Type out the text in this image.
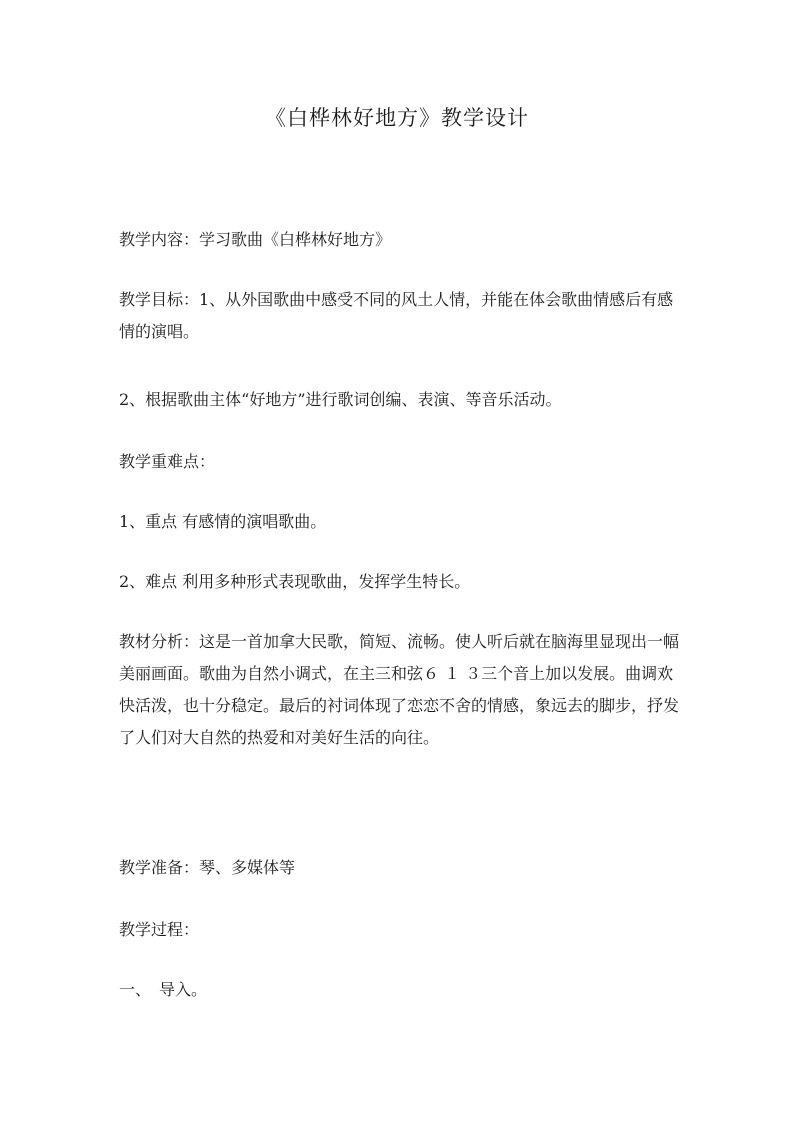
《白桦林好地方》教学设计

教学内容：学习歌曲《白桦林好地方》

教学目标：1、从外国歌曲中感受不同的风土人情，并能在体会歌曲情感后有感情的演唱。

2、根据歌曲主体“好地方”进行歌词创编、表演、等音乐活动。

教学重难点：

1、重点 有感情的演唱歌曲。

2、难点 利用多种形式表现歌曲，发挥学生特长。

教材分析：这是一首加拿大民歌，简短、流畅。使人听后就在脑海里显现出一幅美丽画面。歌曲为自然小调式，在主三和弦６ １ ３三个音上加以发展。曲调欢快活泼，也十分稳定。最后的衬词体现了恋恋不舍的情感，象远去的脚步，抒发了人们对大自然的热爱和对美好生活的向往。

教学准备：琴、多媒体等

教学过程：

一、　导入。
